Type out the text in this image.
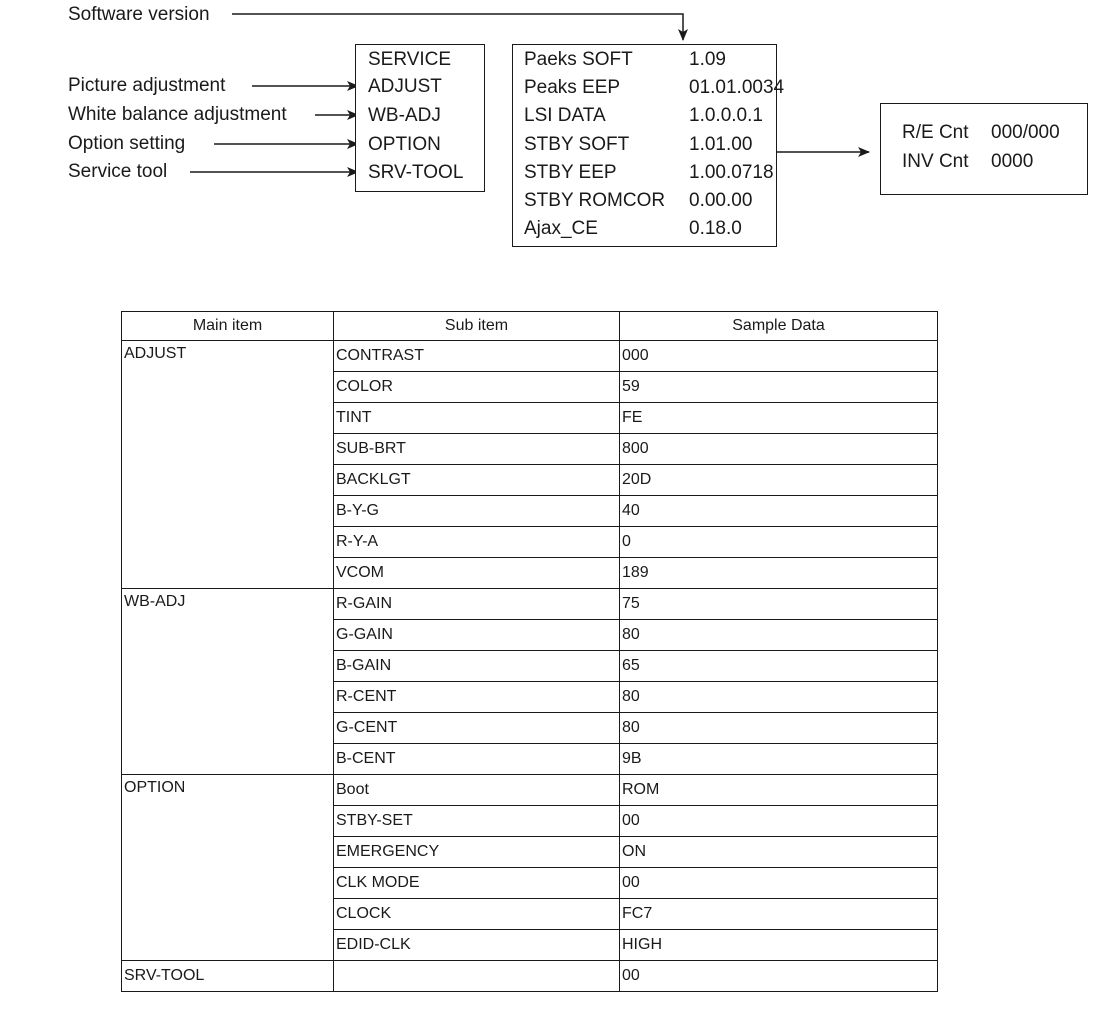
Software version
Picture adjustment
White balance adjustment
Option setting
Service tool
SERVICE
ADJUST
WB-ADJ
OPTION
SRV-TOOL
Paeks SOFT	1.09
Peaks EEP	01.01.0034
LSI DATA	1.0.0.0.1
STBY SOFT	1.01.00
STBY EEP	1.00.0718
STBY ROMCOR 0.00.00
Ajax_CE	0.18.0
R/E Cnt 000/000
INV Cnt 0000
Main item	Sub item	Sample Data
ADJUST	CONTRAST	000
	COLOR	59
	TINT	FE
	SUB-BRT	800
	BACKLGT	20D
	B-Y-G	40
	R-Y-A	0
	VCOM	189
WB-ADJ	R-GAIN	75
	G-GAIN	80
	B-GAIN	65
	R-CENT	80
	G-CENT	80
	B-CENT	9B
OPTION	Boot	ROM
	STBY-SET	00
	EMERGENCY	ON
	CLK MODE	00
	CLOCK	FC7
	EDID-CLK	HIGH
SRV-TOOL		00
